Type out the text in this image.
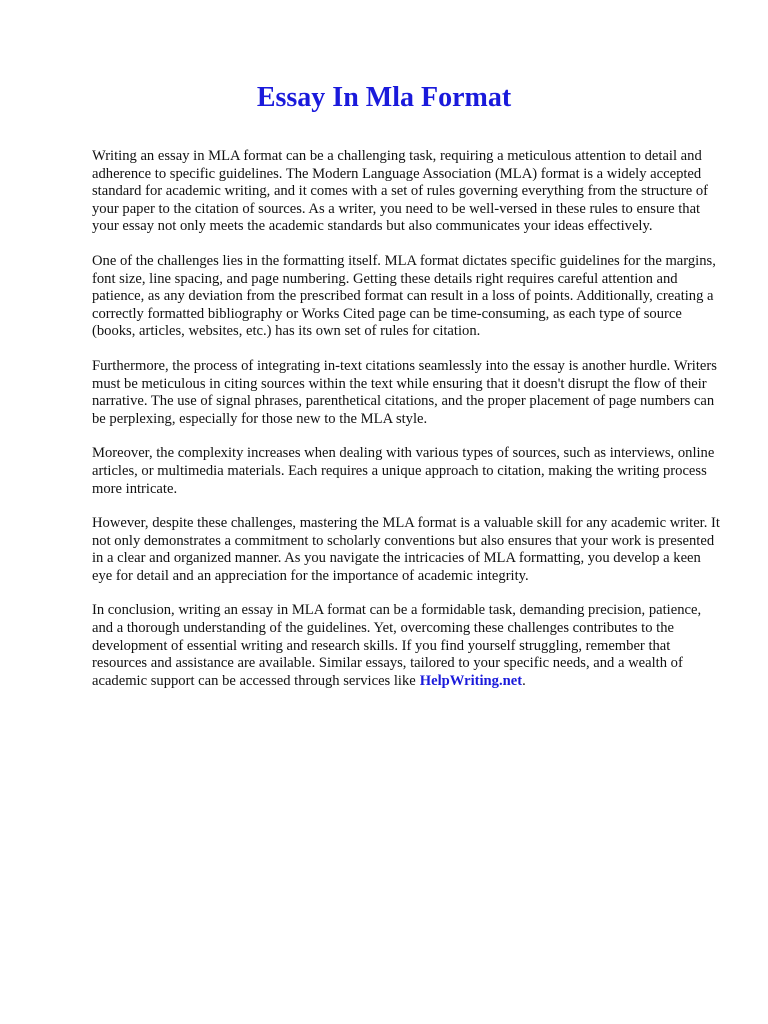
Essay In Mla Format

Writing an essay in MLA format can be a challenging task, requiring a meticulous attention to detail and adherence to specific guidelines. The Modern Language Association (MLA) format is a widely accepted standard for academic writing, and it comes with a set of rules governing everything from the structure of your paper to the citation of sources. As a writer, you need to be well-versed in these rules to ensure that your essay not only meets the academic standards but also communicates your ideas effectively.

One of the challenges lies in the formatting itself. MLA format dictates specific guidelines for the margins, font size, line spacing, and page numbering. Getting these details right requires careful attention and patience, as any deviation from the prescribed format can result in a loss of points. Additionally, creating a correctly formatted bibliography or Works Cited page can be time-consuming, as each type of source (books, articles, websites, etc.) has its own set of rules for citation.

Furthermore, the process of integrating in-text citations seamlessly into the essay is another hurdle. Writers must be meticulous in citing sources within the text while ensuring that it doesn't disrupt the flow of their narrative. The use of signal phrases, parenthetical citations, and the proper placement of page numbers can be perplexing, especially for those new to the MLA style.

Moreover, the complexity increases when dealing with various types of sources, such as interviews, online articles, or multimedia materials. Each requires a unique approach to citation, making the writing process more intricate.

However, despite these challenges, mastering the MLA format is a valuable skill for any academic writer. It not only demonstrates a commitment to scholarly conventions but also ensures that your work is presented in a clear and organized manner. As you navigate the intricacies of MLA formatting, you develop a keen eye for detail and an appreciation for the importance of academic integrity.

In conclusion, writing an essay in MLA format can be a formidable task, demanding precision, patience, and a thorough understanding of the guidelines. Yet, overcoming these challenges contributes to the development of essential writing and research skills. If you find yourself struggling, remember that resources and assistance are available. Similar essays, tailored to your specific needs, and a wealth of academic support can be accessed through services like HelpWriting.net.
